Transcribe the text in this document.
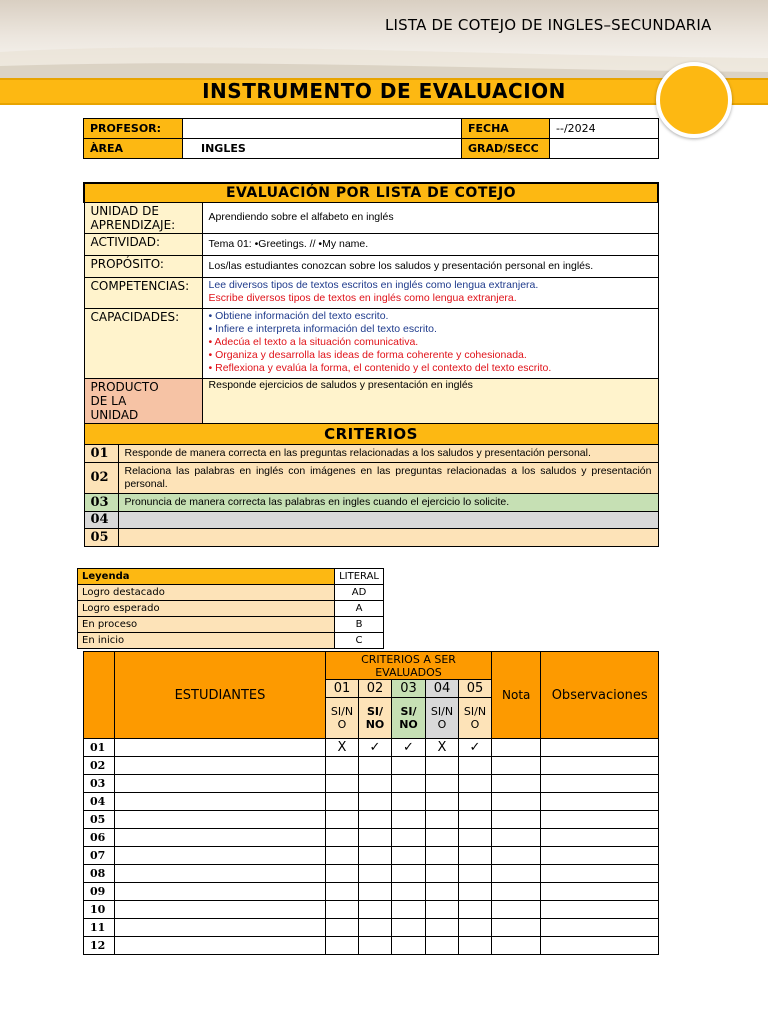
LISTA DE COTEJO DE INGLES–SECUNDARIA
INSTRUMENTO DE EVALUACION
PROFESOR:		FECHA	--/2024
ÀREA	INGLES	GRAD/SECC	
EVALUACIÓN POR LISTA DE COTEJO		
UNIDAD DE APRENDIZAJE:		Aprendiendo sobre el alfabeto en inglés
ACTIVIDAD:		Tema 01: •Greetings. // •My name.
PROPÓSITO:		Los/las estudiantes conozcan sobre los saludos y presentación personal en inglés.
COMPETENCIAS:		Lee diversos tipos de textos escritos en inglés como lengua extranjera.
Escribe diversos tipos de textos en inglés como lengua extranjera.

CAPACIDADES:		• Obtiene información del texto escrito.
• Infiere e interpreta información del texto escrito.
• Adecúa el texto a la situación comunicativa.
• Organiza y desarrolla las ideas de forma coherente y cohesionada.
• Reflexiona y evalúa la forma, el contenido y el contexto del texto escrito.

PRODUCTO DE LA UNIDAD		Responde ejercicios de saludos y presentación en inglés
CRITERIOS		
01	Responde de manera correcta en las preguntas relacionadas a los saludos y presentación personal.	
02	Relaciona las palabras en inglés con imágenes en las preguntas relacionadas a los saludos y presentación personal.	
03	Pronuncia de manera correcta las palabras en ingles cuando el ejercicio lo solicite.	
04		
05		
Leyenda	LITERAL
Logro destacado	AD
Logro esperado	A
En proceso	B
En inicio	C
	ESTUDIANTES	CRITERIOS A SER EVALUADOS					Nota	Observaciones
		01	02	03	04	05		
		SI/NO	SI/NO	SI/NO	SI/NO	SI/NO		
01		X	✓	✓	X	✓		
02								
03								
04								
05								
06								
07								
08								
09								
10								
11								
12								
